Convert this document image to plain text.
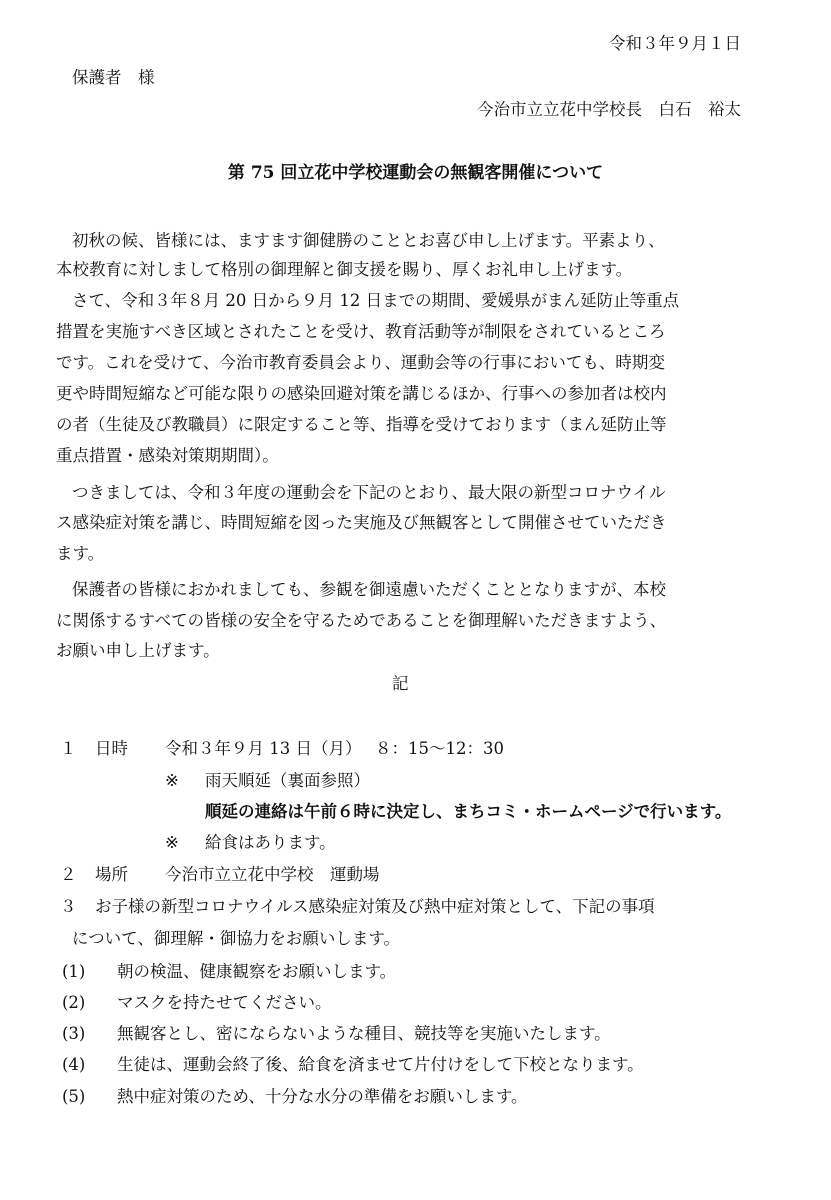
令和３年９月１日
保護者　様
今治市立立花中学校長　白石　裕太
第 75 回立花中学校運動会の無観客開催について
初秋の候、皆様には、ますます御健勝のこととお喜び申し上げます。平素より、
本校教育に対しまして格別の御理解と御支援を賜り、厚くお礼申し上げます。
さて、令和３年８月 20 日から９月 12 日までの期間、愛媛県がまん延防止等重点
措置を実施すべき区域とされたことを受け、教育活動等が制限をされているところ
です。これを受けて、今治市教育委員会より、運動会等の行事においても、時期変
更や時間短縮など可能な限りの感染回避対策を講じるほか、行事への参加者は校内
の者（生徒及び教職員）に限定すること等、指導を受けております（まん延防止等
重点措置・感染対策期期間）。
つきましては、令和３年度の運動会を下記のとおり、最大限の新型コロナウイル
ス感染症対策を講じ、時間短縮を図った実施及び無観客として開催させていただき
ます。
保護者の皆様におかれましても、参観を御遠慮いただくこととなりますが、本校
に関係するすべての皆様の安全を守るためであることを御理解いただきますよう、
お願い申し上げます。
記
１ 日時 令和３年９月 13 日（月）　 ８：15〜12：30
※ 雨天順延（裏面参照）
順延の連絡は午前６時に決定し、まちコミ・ホームページで行います。
※ 給食はあります。
２ 場所 今治市立立花中学校　運動場
３ お子様の新型コロナウイルス感染症対策及び熱中症対策として、下記の事項
について、御理解・御協力をお願いします。
(1) 朝の検温、健康観察をお願いします。
(2) マスクを持たせてください。
(3) 無観客とし、密にならないような種目、競技等を実施いたします。
(4) 生徒は、運動会終了後、給食を済ませて片付けをして下校となります。
(5) 熱中症対策のため、十分な水分の準備をお願いします。
